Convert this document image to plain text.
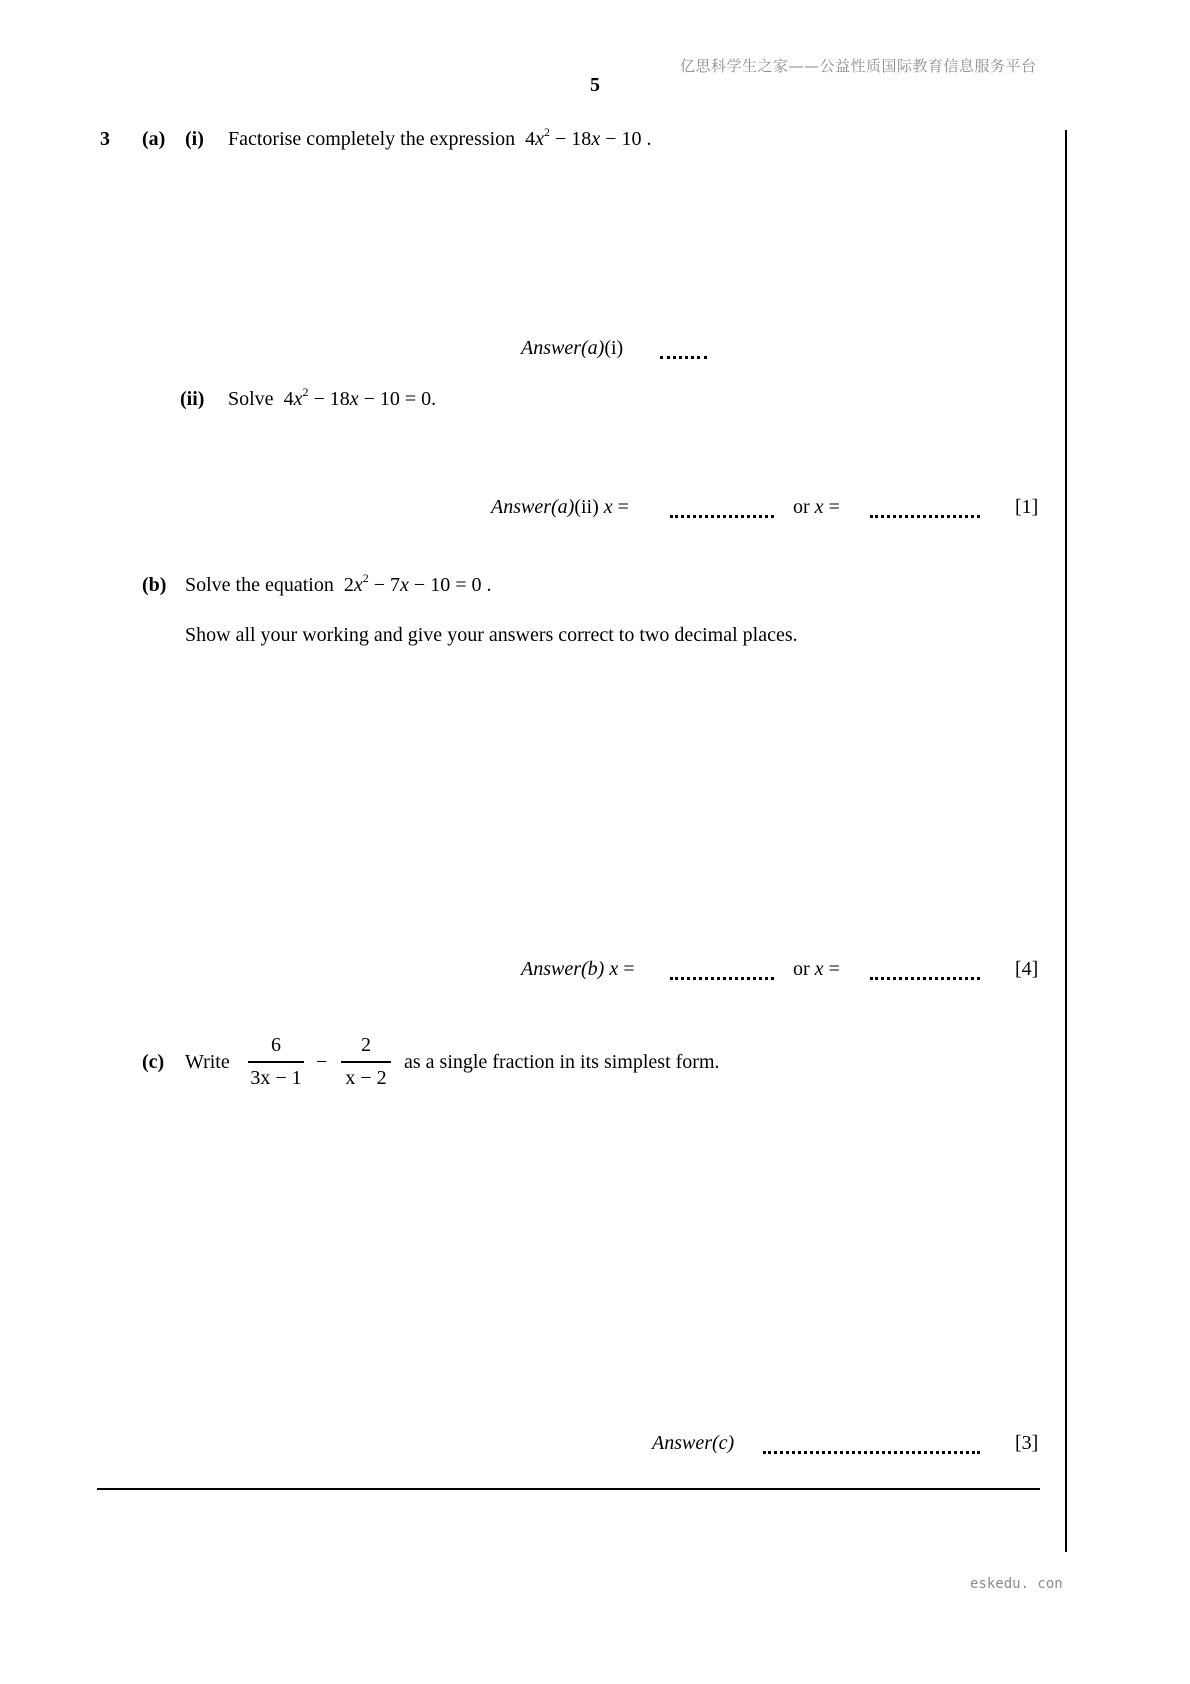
亿思科学生之家——公益性质国际教育信息服务平台
5
3 (a) (i) Factorise completely the expression $4x^2 - 18x - 10$ .
Answer(a)(i)
(ii) Solve $4x^2 - 18x - 10 = 0$.
Answer(a)(ii) x =	or x =	[1]
(b) Solve the equation $2x^2 - 7x - 10 = 0$ .
Show all your working and give your answers correct to two decimal places.
Answer(b) x =	or x =	[4]
(c) Write
6
3x − 1
−
2
x − 2
as a single fraction in its simplest form.
Answer(c)	[3]
eskedu. con
